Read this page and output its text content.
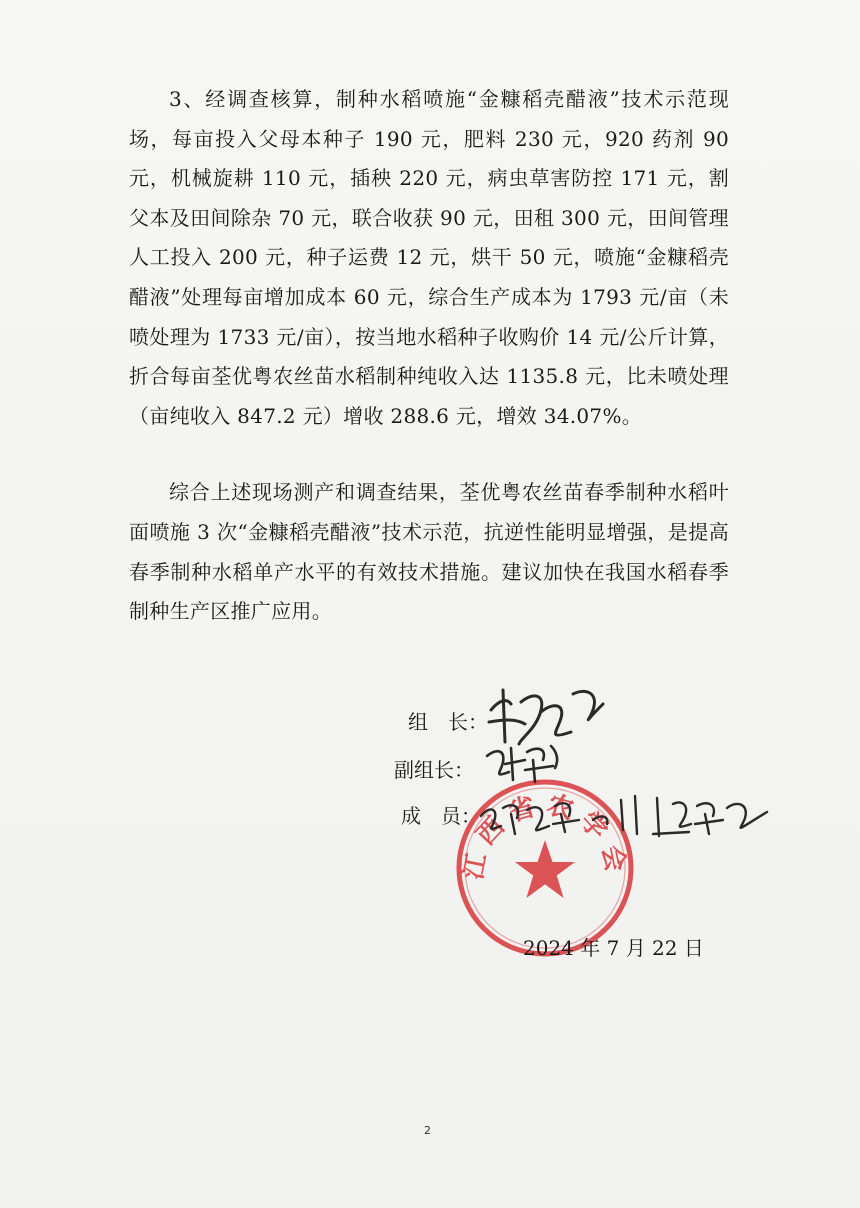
3、经调查核算，制种水稻喷施“金糠稻壳醋液”技术示范现场，每亩投入父母本种子 190 元，肥料 230 元，920 药剂 90 元，机械旋耕 110 元，插秧 220 元，病虫草害防控 171 元，割父本及田间除杂 70 元，联合收获 90 元，田租 300 元，田间管理人工投入 200 元，种子运费 12 元，烘干 50 元，喷施“金糠稻壳醋液”处理每亩增加成本 60 元，综合生产成本为 1793 元/亩（未喷处理为 1733 元/亩），按当地水稻种子收购价 14 元/公斤计算，折合每亩荃优粤农丝苗水稻制种纯收入达 1135.8 元，比未喷处理（亩纯收入 847.2 元）增收 288.6 元，增效 34.07%。

综合上述现场测产和调查结果，荃优粤农丝苗春季制种水稻叶面喷施 3 次“金糠稻壳醋液”技术示范，抗逆性能明显增强，是提高春季制种水稻单产水平的有效技术措施。建议加快在我国水稻春季制种生产区推广应用。

江西省农学会
组　长：
副组长：
成　员：
2024 年 7 月 22 日
2
